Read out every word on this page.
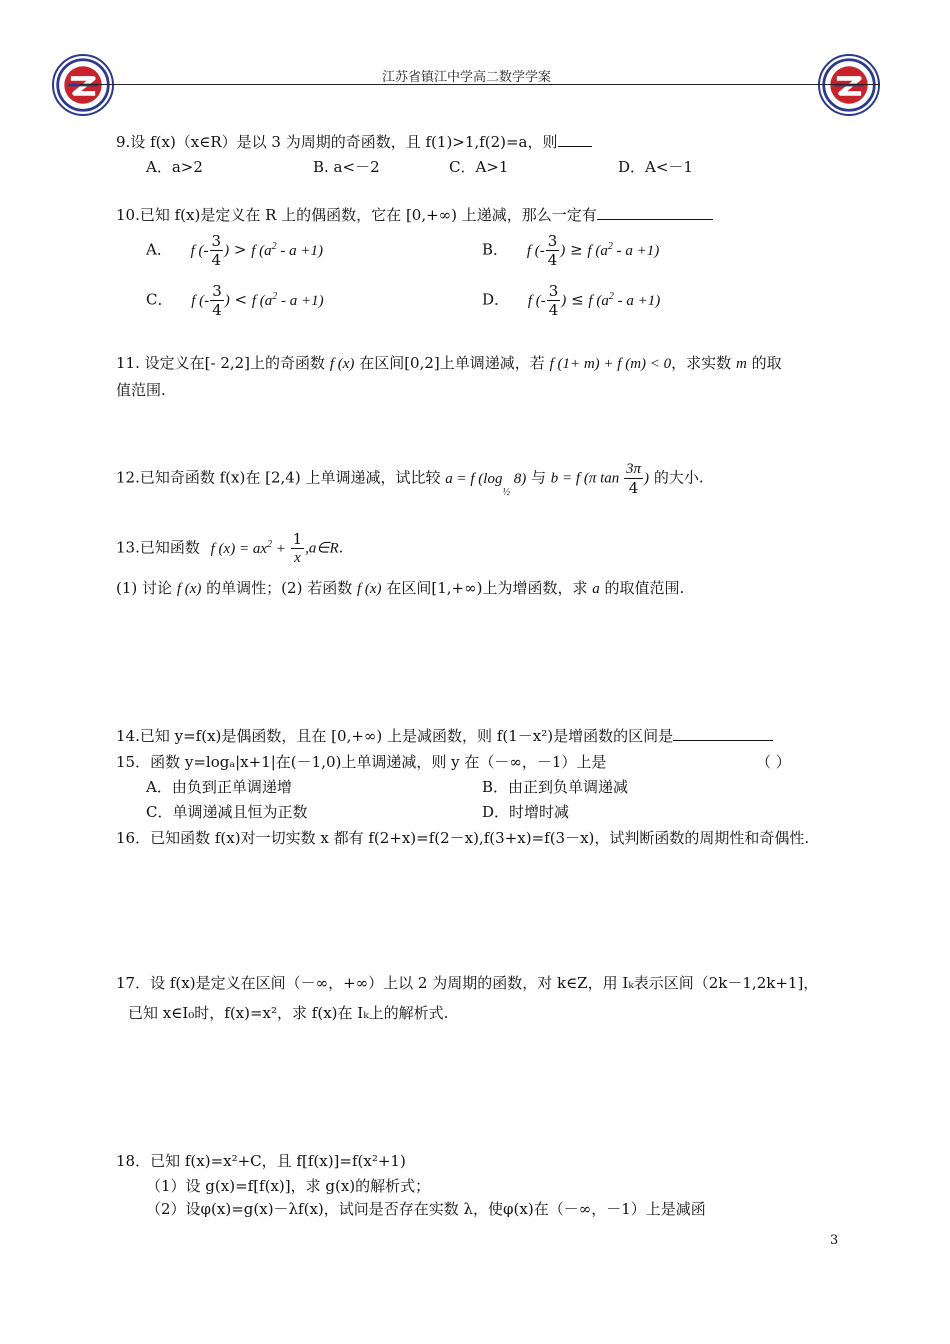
江苏省镇江中学高二数学学案
9.设 f(x)（x∈R）是以 3 为周期的奇函数，且 f(1)>1,f(2)=a，则
A．a>2	B. a<－2	C．A>1	D．A<－1
10.已知 f(x)是定义在 R 上的偶函数，它在 [0,+∞) 上递减，那么一定有
A． f (- $\frac{3}{4}$ ) > f $(a^2 - a +1)$	B． f (- $\frac{3}{4}$ ) ≥ f $(a^2 - a +1)$
C． f (- $\frac{3}{4}$ ) < f $(a^2 - a +1)$	D． f (- $\frac{3}{4}$ ) ≤ f $(a^2 - a +1)$
11. 设定义在[- 2,2]上的奇函数 f (x) 在区间[0,2]上单调递减，若 f (1+ m) + f (m) < 0，求实数 m 的取
值范围.
12.已知奇函数 f(x)在 [2,4) 上单调递减，试比较 a = f ($\log_{\frac{1}{2}}$ 8) 与 b = f (π $\tan \frac{3\pi}{4}$ ) 的大小.
13.已知函数 f $(x) = ax^2 + \frac{1}{x}$ ,a∈R.
(1) 讨论 f (x) 的单调性；(2) 若函数 f (x) 在区间[1,+∞)上为增函数，求 a 的取值范围.
14.已知 y=f(x)是偶函数，且在 [0,+∞) 上是减函数，则 f(1－x²)是增函数的区间是
15．函数 y=logₐ|x+1|在(－1,0)上单调递减，则 y 在（－∞，－1）上是	（ ）
A．由负到正单调递增	B．由正到负单调递减
C．单调递减且恒为正数	D．时增时减
16．已知函数 f(x)对一切实数 x 都有 f(2+x)=f(2－x),f(3+x)=f(3－x)，试判断函数的周期性和奇偶性.
17．设 f(x)是定义在区间（－∞，+∞）上以 2 为周期的函数，对 k∈Z，用 Iₖ表示区间（2k－1,2k+1]，
已知 x∈I₀时，f(x)=x²，求 f(x)在 Iₖ上的解析式.
18．已知 f(x)=x²+C，且 f[f(x)]=f(x²+1)
（1）设 g(x)=f[f(x)]，求 g(x)的解析式；
（2）设φ(x)=g(x)－λf(x)，试问是否存在实数 λ，使φ(x)在（－∞，－1）上是减函
3
